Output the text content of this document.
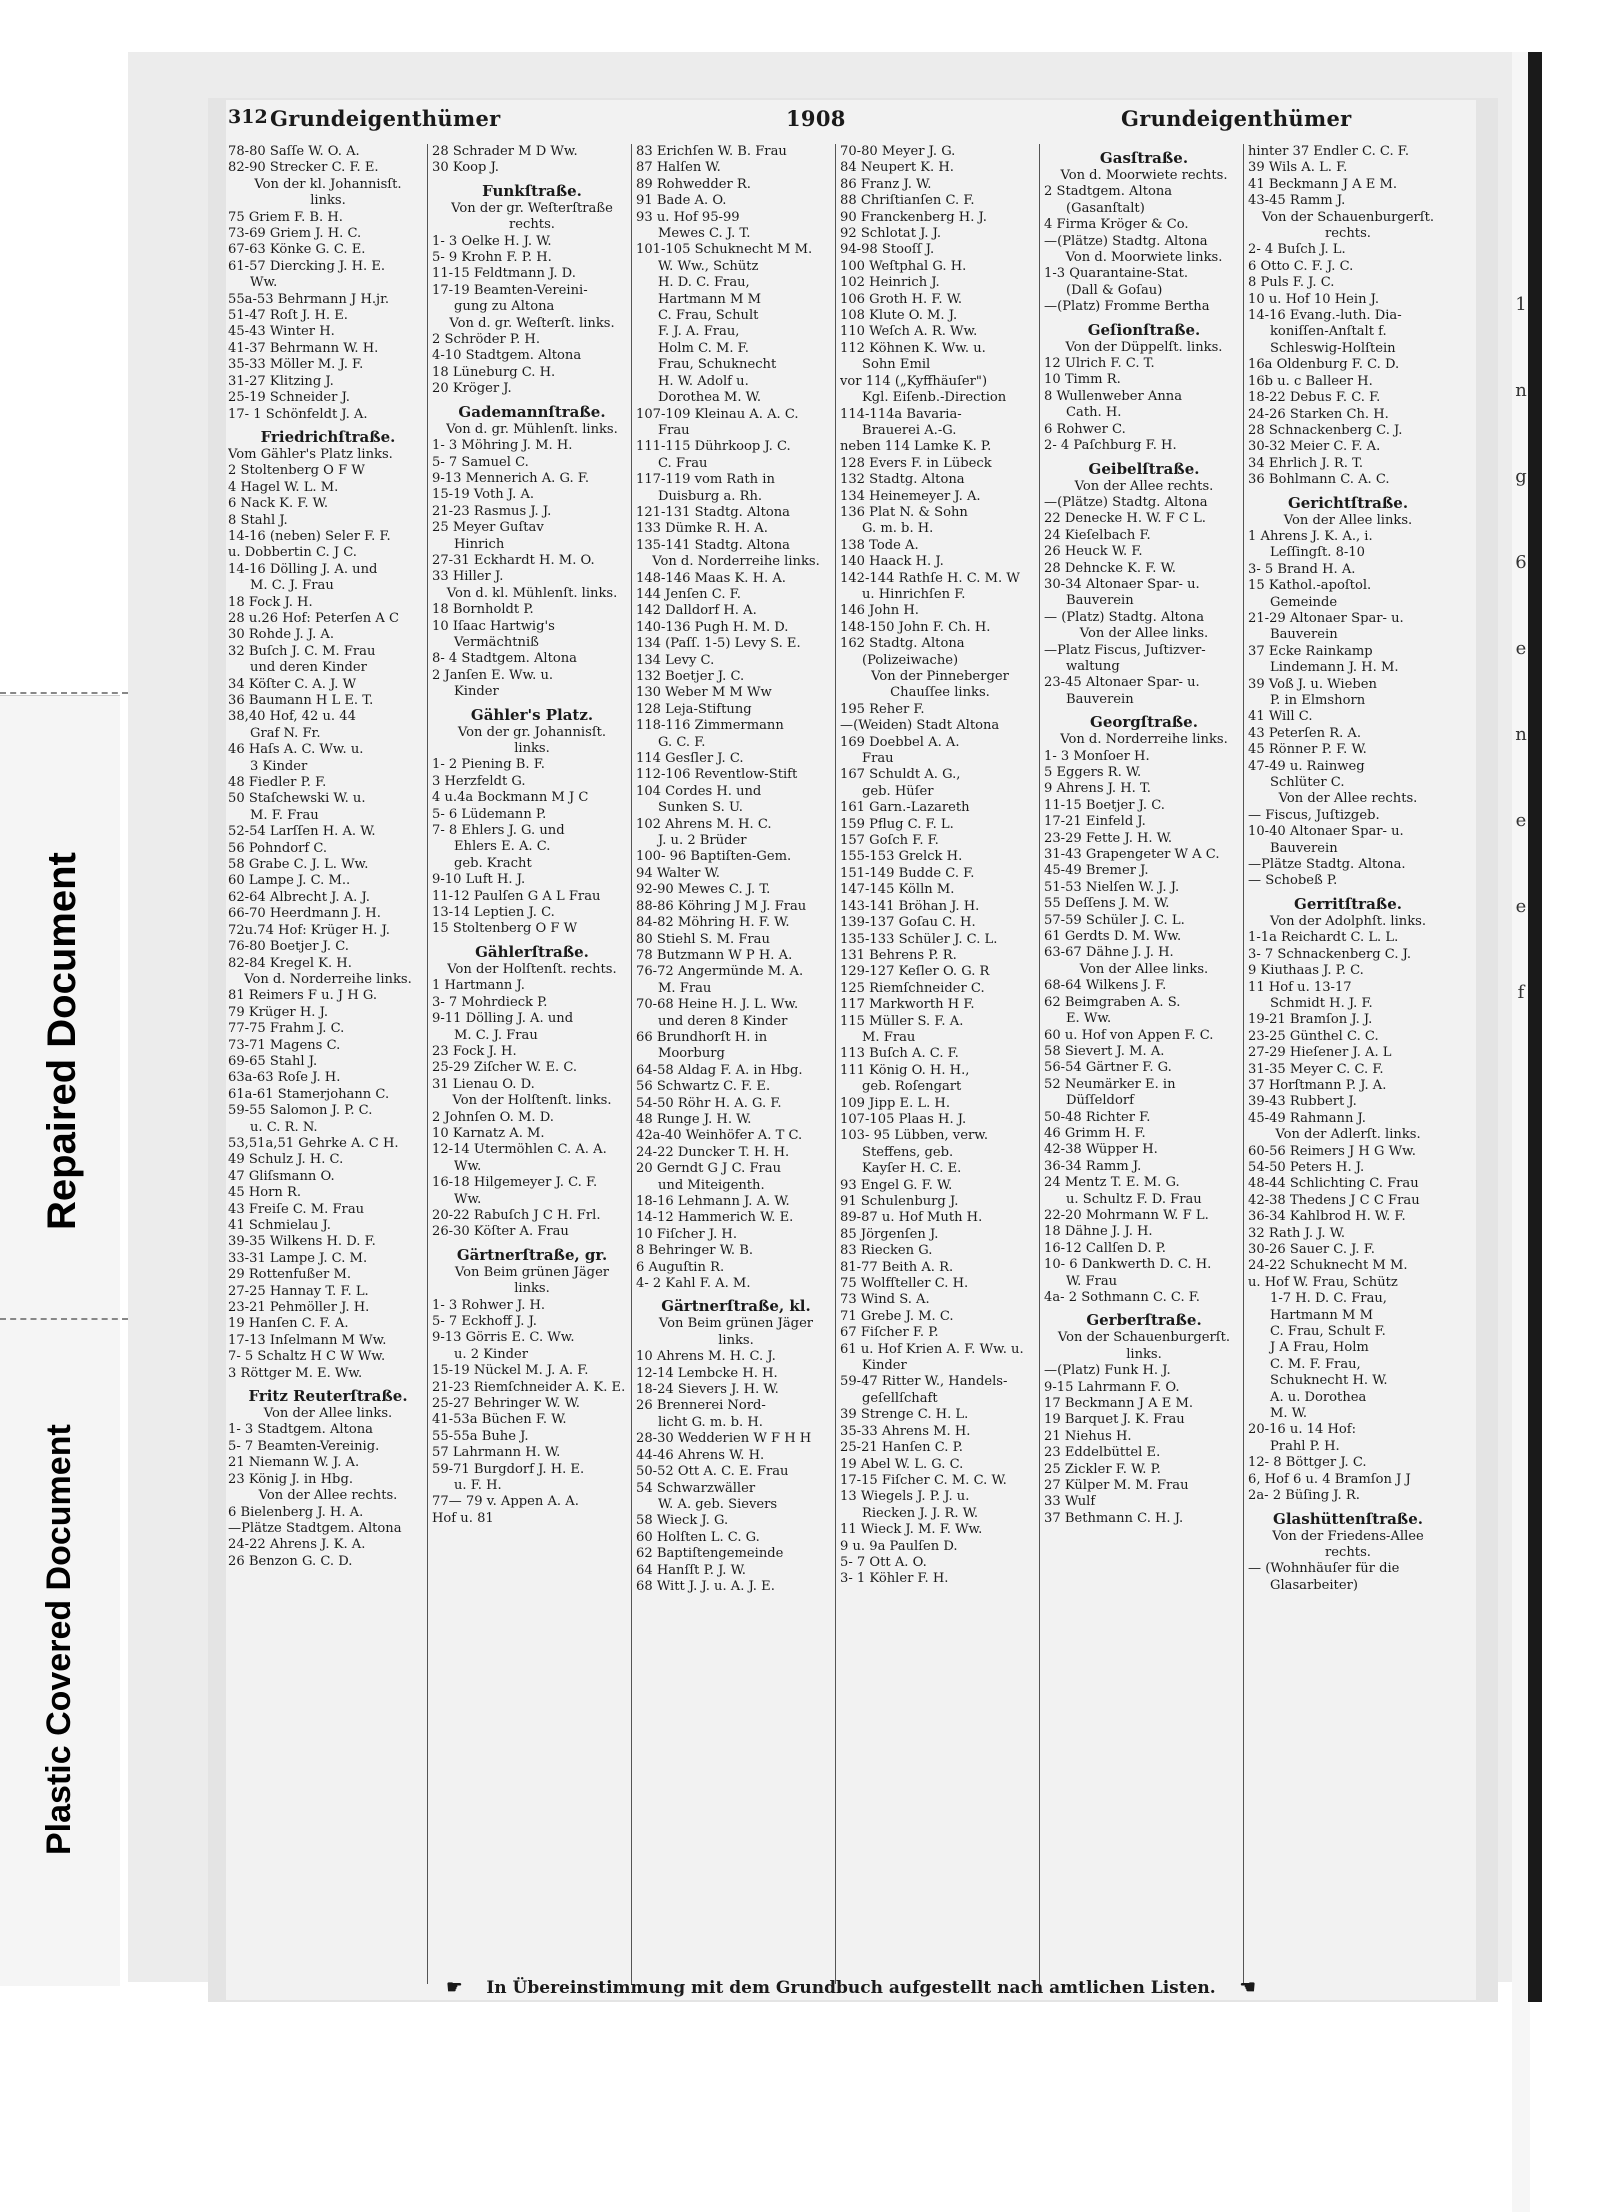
Repaired Document
Plastic Covered Document
1
n
g
6
e
n
e
e
f
312 Grundeigenthümer	1908	Grundeigenthümer
78-80 Saſſe W. O. A.
82-90 Strecker C. F. E.
Von der kl. Johannisſt.
links.
75 Griem F. B. H.
73-69 Griem J. H. C.
67-63 Könke G. C. E.
61-57 Diercking J. H. E.
Ww.
55a-53 Behrmann J H.jr.
51-47 Roſt J. H. E.
45-43 Winter H.
41-37 Behrmann W. H.
35-33 Möller M. J. F.
31-27 Klitzing J.
25-19 Schneider J.
17- 1 Schönfeldt J. A.
Friedrichſtraße.
Vom Gähler's Platz links.
2 Stoltenberg O F W
4 Hagel W. L. M.
6 Nack K. F. W.
8 Stahl J.
14-16 (neben) Seler F. F.
u. Dobbertin C. J C.
14-16 Dölling J. A. und
M. C. J. Frau
18 Fock J. H.
28 u.26 Hof: Peterſen A C
30 Rohde J. J. A.
32 Buſch J. C. M. Frau
und deren Kinder
34 Köſter C. A. J. W
36 Baumann H L E. T.
38,40 Hof, 42 u. 44
Graf N. Fr.
46 Haſs A. C. Ww. u.
3 Kinder
48 Fiedler P. F.
50 Staſchewski W. u.
M. F. Frau
52-54 Larſſen H. A. W.
56 Pohndorf C.
58 Grabe C. J. L. Ww.
60 Lampe J. C. M..
62-64 Albrecht J. A. J.
66-70 Heerdmann J. H.
72u.74 Hof: Krüger H. J.
76-80 Boetjer J. C.
82-84 Kregel K. H.
Von d. Norderreihe links.
81 Reimers F u. J H G.
79 Krüger H. J.
77-75 Frahm J. C.
73-71 Magens C.
69-65 Stahl J.
63a-63 Roſe J. H.
61a-61 Stamerjohann C.
59-55 Salomon J. P. C.
u. C. R. N.
53,51a,51 Gehrke A. C H.
49 Schulz J. H. C.
47 Gliſsmann O.
45 Horn R.
43 Freiſe C. M. Frau
41 Schmielau J.
39-35 Wilkens H. D. F.
33-31 Lampe J. C. M.
29 Rottenfußer M.
27-25 Hannay T. F. L.
23-21 Pehmöller J. H.
19 Hanſen C. F. A.
17-13 Inſelmann M Ww.
7- 5 Schaltz H C W Ww.
3 Röttger M. E. Ww.
Fritz Reuterſtraße.
Von der Allee links.
1- 3 Stadtgem. Altona
5- 7 Beamten-Vereinig.
21 Niemann W. J. A.
23 König J. in Hbg.
Von der Allee rechts.
6 Bielenberg J. H. A.
—Plätze Stadtgem. Altona
24-22 Ahrens J. K. A.
26 Benzon G. C. D.
28 Schrader M D Ww.
30 Koop J.
Funkſtraße.
Von der gr. Weſterſtraße
rechts.
1- 3 Oelke H. J. W.
5- 9 Krohn F. P. H.
11-15 Feldtmann J. D.
17-19 Beamten-Vereini-
gung zu Altona
Von d. gr. Weſterſt. links.
2 Schröder P. H.
4-10 Stadtgem. Altona
18 Lüneburg C. H.
20 Kröger J.
Gademannſtraße.
Von d. gr. Mühlenſt. links.
1- 3 Möhring J. M. H.
5- 7 Samuel C.
9-13 Mennerich A. G. F.
15-19 Voth J. A.
21-23 Rasmus J. J.
25 Meyer Guſtav
Hinrich
27-31 Eckhardt H. M. O.
33 Hiller J.
Von d. kl. Mühlenſt. links.
18 Bornholdt P.
10 Iſaac Hartwig's
Vermächtniß
8- 4 Stadtgem. Altona
2 Janſen E. Ww. u.
Kinder
Gähler's Platz.
Von der gr. Johannisſt.
links.
1- 2 Piening B. F.
3 Herzfeldt G.
4 u.4a Bockmann M J C
5- 6 Lüdemann P.
7- 8 Ehlers J. G. und
Ehlers E. A. C.
geb. Kracht
9-10 Luft H. J.
11-12 Paulſen G A L Frau
13-14 Leptien J. C.
15 Stoltenberg O F W
Gählerſtraße.
Von der Holſtenſt. rechts.
1 Hartmann J.
3- 7 Mohrdieck P.
9-11 Dölling J. A. und
M. C. J. Frau
23 Fock J. H.
25-29 Ziſcher W. E. C.
31 Lienau O. D.
Von der Holſtenſt. links.
2 Johnſen O. M. D.
10 Karnatz A. M.
12-14 Utermöhlen C. A. A.
Ww.
16-18 Hilgemeyer J. C. F.
Ww.
20-22 Rabuſch J C H. Frl.
26-30 Köſter A. Frau
Gärtnerſtraße, gr.
Von Beim grünen Jäger
links.
1- 3 Rohwer J. H.
5- 7 Eckhoff J. J.
9-13 Görris E. C. Ww.
u. 2 Kinder
15-19 Nückel M. J. A. F.
21-23 Riemſchneider A. K. E.
25-27 Behringer W. W.
41-53a Büchen F. W.
55-55a Buhe J.
57 Lahrmann H. W.
59-71 Burgdorf J. H. E.
u. F. H.
77— 79 v. Appen A. A.
Hof u. 81
83 Erichſen W. B. Frau
87 Halſen W.
89 Rohwedder R.
91 Bade A. O.
93 u. Hof 95-99
Mewes C. J. T.
101-105 Schuknecht M M.
W. Ww., Schütz
H. D. C. Frau,
Hartmann M M
C. Frau, Schult
F. J. A. Frau,
Holm C. M. F.
Frau, Schuknecht
H. W. Adolf u.
Dorothea M. W.
107-109 Kleinau A. A. C.
Frau
111-115 Dührkoop J. C.
C. Frau
117-119 vom Rath in
Duisburg a. Rh.
121-131 Stadtg. Altona
133 Dümke R. H. A.
135-141 Stadtg. Altona
Von d. Norderreihe links.
148-146 Maas K. H. A.
144 Jenſen C. F.
142 Dalldorf H. A.
140-136 Pugh H. M. D.
134 (Paſſ. 1-5) Levy S. E.
134 Levy C.
132 Boetjer J. C.
130 Weber M M Ww
128 Leja-Stiftung
118-116 Zimmermann
G. C. F.
114 Gesſler J. C.
112-106 Reventlow-Stift
104 Cordes H. und
Sunken S. U.
102 Ahrens M. H. C.
J. u. 2 Brüder
100- 96 Baptiſten-Gem.
94 Walter W.
92-90 Mewes C. J. T.
88-86 Köhring J M J. Frau
84-82 Möhring H. F. W.
80 Stiehl S. M. Frau
78 Butzmann W P H. A.
76-72 Angermünde M. A.
M. Frau
70-68 Heine H. J. L. Ww.
und deren 8 Kinder
66 Brundhorſt H. in
Moorburg
64-58 Aldag F. A. in Hbg.
56 Schwartz C. F. E.
54-50 Röhr H. A. G. F.
48 Runge J. H. W.
42a-40 Weinhöfer A. T C.
24-22 Duncker T. H. H.
20 Gerndt G J C. Frau
und Miteigenth.
18-16 Lehmann J. A. W.
14-12 Hammerich W. E.
10 Fiſcher J. H.
8 Behringer W. B.
6 Auguſtin R.
4- 2 Kahl F. A. M.
Gärtnerſtraße, kl.
Von Beim grünen Jäger
links.
10 Ahrens M. H. C. J.
12-14 Lembcke H. H.
18-24 Sievers J. H. W.
26 Brennerei Nord-
licht G. m. b. H.
28-30 Wedderien W F H H
44-46 Ahrens W. H.
50-52 Ott A. C. E. Frau
54 Schwarzwäller
W. A. geb. Sievers
58 Wieck J. G.
60 Holſten L. C. G.
62 Baptiſtengemeinde
64 Hanſſt P. J. W.
68 Witt J. J. u. A. J. E.
70-80 Meyer J. G.
84 Neupert K. H.
86 Franz J. W.
88 Chriſtianſen C. F.
90 Franckenberg H. J.
92 Schlotat J. J.
94-98 Stooſſ J.
100 Weſtphal G. H.
102 Heinrich J.
106 Groth H. F. W.
108 Klute O. M. J.
110 Weſch A. R. Ww.
112 Köhnen K. Ww. u.
Sohn Emil
vor 114 („Kyffhäuſer")
Kgl. Eiſenb.-Direction
114-114a Bavaria-
Brauerei A.-G.
neben 114 Lamke K. P.
128 Evers F. in Lübeck
132 Stadtg. Altona
134 Heinemeyer J. A.
136 Plat N. & Sohn
G. m. b. H.
138 Tode A.
140 Haack H. J.
142-144 Rathſe H. C. M. W
u. Hinrichſen F.
146 John H.
148-150 John F. Ch. H.
162 Stadtg. Altona
(Polizeiwache)
Von der Pinneberger
Chauſſee links.
195 Reher F.
—(Weiden) Stadt Altona
169 Doebbel A. A.
Frau
167 Schuldt A. G.,
geb. Hüſer
161 Garn.-Lazareth
159 Pflug C. F. L.
157 Goſch F. F.
155-153 Grelck H.
151-149 Budde C. F.
147-145 Kölln M.
143-141 Bröhan J. H.
139-137 Goſau C. H.
135-133 Schüler J. C. L.
131 Behrens P. R.
129-127 Keſler O. G. R
125 Riemſchneider C.
117 Markworth H F.
115 Müller S. F. A.
M. Frau
113 Buſch A. C. F.
111 König O. H. H.,
geb. Roſengart
109 Jipp E. L. H.
107-105 Plaas H. J.
103- 95 Lübben, verw.
Steffens, geb.
Kayſer H. C. E.
93 Engel G. F. W.
91 Schulenburg J.
89-87 u. Hof Muth H.
85 Jörgenſen J.
83 Riecken G.
81-77 Beith A. R.
75 Wolfſteller C. H.
73 Wind S. A.
71 Grebe J. M. C.
67 Fiſcher F. P.
61 u. Hof Krien A. F. Ww. u.
Kinder
59-47 Ritter W., Handels-
geſellſchaft
39 Strenge C. H. L.
35-33 Ahrens M. H.
25-21 Hanſen C. P.
19 Abel W. L. G. C.
17-15 Fiſcher C. M. C. W.
13 Wiegels J. P. J. u.
Riecken J. J. R. W.
11 Wieck J. M. F. Ww.
9 u. 9a Paulſen D.
5- 7 Ott A. O.
3- 1 Köhler F. H.
Gasſtraße.
Von d. Moorwiete rechts.
2 Stadtgem. Altona
(Gasanſtalt)
4 Firma Kröger & Co.
—(Plätze) Stadtg. Altona
Von d. Moorwiete links.
1-3 Quarantaine-Stat.
(Dall & Goſau)
—(Platz) Fromme Bertha
Geſionſtraße.
Von der Düppelſt. links.
12 Ulrich F. C. T.
10 Timm R.
8 Wullenweber Anna
Cath. H.
6 Rohwer C.
2- 4 Paſchburg F. H.
Geibelſtraße.
Von der Allee rechts.
—(Plätze) Stadtg. Altona
22 Denecke H. W. F C L.
24 Kieſelbach F.
26 Heuck W. F.
28 Dehncke K. F. W.
30-34 Altonaer Spar- u.
Bauverein
— (Platz) Stadtg. Altona
Von der Allee links.
—Platz Fiscus, Juſtizver-
waltung
23-45 Altonaer Spar- u.
Bauverein
Georgſtraße.
Von d. Norderreihe links.
1- 3 Monſoer H.
5 Eggers R. W.
9 Ahrens J. H. T.
11-15 Boetjer J. C.
17-21 Einfeld J.
23-29 Fette J. H. W.
31-43 Grapengeter W A C.
45-49 Bremer J.
51-53 Nielſen W. J. J.
55 Deſſens J. M. W.
57-59 Schüler J. C. L.
61 Gerdts D. M. Ww.
63-67 Dähne J. J. H.
Von der Allee links.
68-64 Wilkens J. F.
62 Beimgraben A. S.
E. Ww.
60 u. Hof von Appen F. C.
58 Sievert J. M. A.
56-54 Gärtner F. G.
52 Neumärker E. in
Düſſeldorf
50-48 Richter F.
46 Grimm H. F.
42-38 Wüpper H.
36-34 Ramm J.
24 Mentz T. E. M. G.
u. Schultz F. D. Frau
22-20 Mohrmann W. F L.
18 Dähne J. J. H.
16-12 Callſen D. P.
10- 6 Dankwerth D. C. H.
W. Frau
4a- 2 Sothmann C. C. F.
Gerberſtraße.
Von der Schauenburgerſt.
links.
—(Platz) Funk H. J.
9-15 Lahrmann F. O.
17 Beckmann J A E M.
19 Barquet J. K. Frau
21 Niehus H.
23 Eddelbüttel E.
25 Zickler F. W. P.
27 Külper M. M. Frau
33 Wulf
37 Bethmann C. H. J.
hinter 37 Endler C. C. F.
39 Wils A. L. F.
41 Beckmann J A E M.
43-45 Ramm J.
Von der Schauenburgerſt.
rechts.
2- 4 Buſch J. L.
6 Otto C. F. J. C.
8 Puls F. J. C.
10 u. Hof 10 Hein J.
14-16 Evang.-luth. Dia-
koniſſen-Anſtalt f.
Schleswig-Holſtein
16a Oldenburg F. C. D.
16b u. c Balleer H.
18-22 Debus F. C. F.
24-26 Starken Ch. H.
28 Schnackenberg C. J.
30-32 Meier C. F. A.
34 Ehrlich J. R. T.
36 Bohlmann C. A. C.
Gerichtſtraße.
Von der Allee links.
1 Ahrens J. K. A., i.
Leſſingſt. 8-10
3- 5 Brand H. A.
15 Kathol.-apoſtol.
Gemeinde
21-29 Altonaer Spar- u.
Bauverein
37 Ecke Rainkamp
Lindemann J. H. M.
39 Voß J. u. Wieben
P. in Elmshorn
41 Will C.
43 Peterſen R. A.
45 Rönner P. F. W.
47-49 u. Rainweg
Schlüter C.
Von der Allee rechts.
— Fiscus, Juſtizgeb.
10-40 Altonaer Spar- u.
Bauverein
—Plätze Stadtg. Altona.
— Schobeß P.
Gerritſtraße.
Von der Adolphſt. links.
1-1a Reichardt C. L. L.
3- 7 Schnackenberg C. J.
9 Kiuthaas J. P. C.
11 Hof u. 13-17
Schmidt H. J. F.
19-21 Bramſon J. J.
23-25 Günthel C. C.
27-29 Hieſener J. A. L
31-35 Meyer C. C. F.
37 Horſtmann P. J. A.
39-43 Rubbert J.
45-49 Rahmann J.
Von der Adlerſt. links.
60-56 Reimers J H G Ww.
54-50 Peters H. J.
48-44 Schlichting C. Frau
42-38 Thedens J C C Frau
36-34 Kahlbrod H. W. F.
32 Rath J. J. W.
30-26 Sauer C. J. F.
24-22 Schuknecht M M.
u. Hof W. Frau, Schütz
1-7 H. D. C. Frau,
Hartmann M M
C. Frau, Schult F.
J A Frau, Holm
C. M. F. Frau,
Schuknecht H. W.
A. u. Dorothea
M. W.
20-16 u. 14 Hof:
Prahl P. H.
12- 8 Böttger J. C.
6, Hof 6 u. 4 Bramſon J J
2a- 2 Büſing J. R.
Glashüttenſtraße.
Von der Friedens-Allee
rechts.
— (Wohnhäuſer für die
Glasarbeiter)
☛ In Übereinstimmung mit dem Grundbuch aufgestellt nach amtlichen Listen. ☚
